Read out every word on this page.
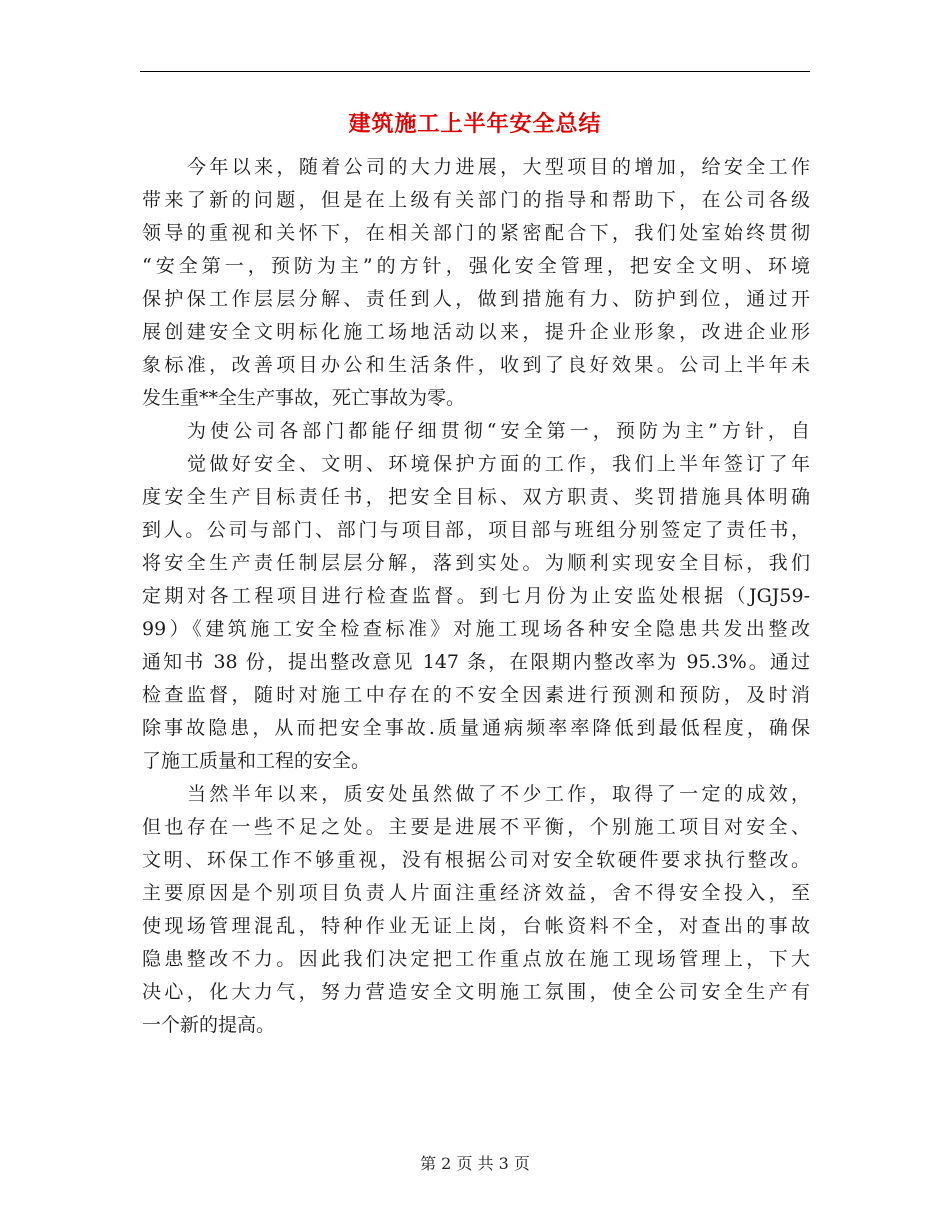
建筑施工上半年安全总结
今年以来，随着公司的大力进展，大型项目的增加，给安全工作
带来了新的问题，但是在上级有关部门的指导和帮助下，在公司各级
领导的重视和关怀下，在相关部门的紧密配合下，我们处室始终贯彻
“安全第一，预防为主”的方针，强化安全管理，把安全文明、环境
保护保工作层层分解、责任到人，做到措施有力、防护到位，通过开
展创建安全文明标化施工场地活动以来，提升企业形象，改进企业形
象标准，改善项目办公和生活条件，收到了良好效果。公司上半年未
发生重**全生产事故，死亡事故为零。
为使公司各部门都能仔细贯彻“安全第一，预防为主”方针，自
觉做好安全、文明、环境保护方面的工作，我们上半年签订了年
度安全生产目标责任书，把安全目标、双方职责、奖罚措施具体明确
到人。公司与部门、部门与项目部，项目部与班组分别签定了责任书，
将安全生产责任制层层分解，落到实处。为顺利实现安全目标，我们
定期对各工程项目进行检查监督。到七月份为止安监处根据（JGJ59-
99）《建筑施工安全检查标准》对施工现场各种安全隐患共发出整改
通知书 38 份，提出整改意见 147 条，在限期内整改率为 95.3%。通过
检查监督，随时对施工中存在的不安全因素进行预测和预防，及时消
除事故隐患，从而把安全事故.质量通病频率率降低到最低程度，确保
了施工质量和工程的安全。
当然半年以来，质安处虽然做了不少工作，取得了一定的成效，
但也存在一些不足之处。主要是进展不平衡，个别施工项目对安全、
文明、环保工作不够重视，没有根据公司对安全软硬件要求执行整改。
主要原因是个别项目负责人片面注重经济效益，舍不得安全投入，至
使现场管理混乱，特种作业无证上岗，台帐资料不全，对查出的事故
隐患整改不力。因此我们决定把工作重点放在施工现场管理上，下大
决心，化大力气，努力营造安全文明施工氛围，使全公司安全生产有
一个新的提高。
第 2 页 共 3 页
